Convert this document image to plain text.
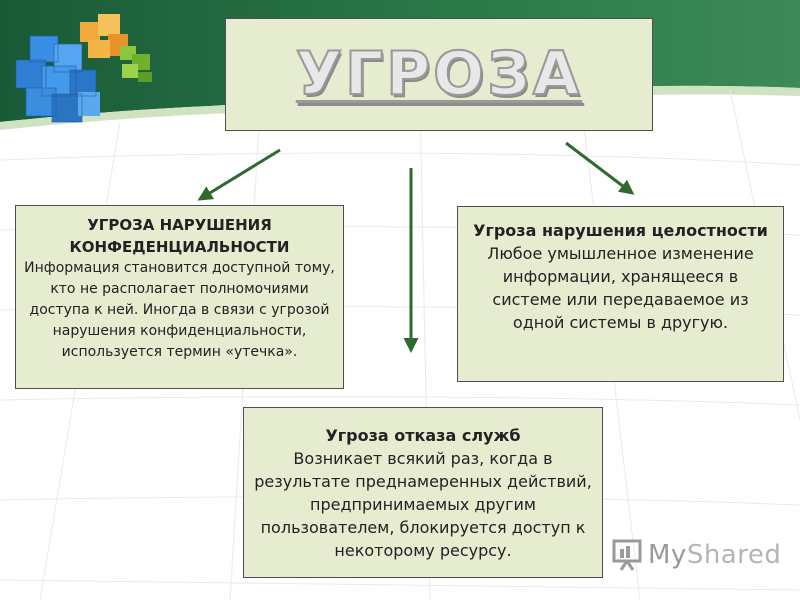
УГРОЗА
УГРОЗА НАРУШЕНИЯ КОНФЕДЕНЦИАЛЬНОСТИ
Информация становится доступной тому, кто не располагает полномочиями доступа к ней. Иногда в связи с угрозой нарушения конфиденциальности, используется термин «утечка».
Угроза нарушения целостности
Любое умышленное изменение информации, хранящееся в системе или передаваемое из одной системы в другую.
Угроза отказа служб
Возникает всякий раз, когда в результате преднамеренных действий, предпринимаемых другим пользователем, блокируется доступ к некоторому ресурсу.	MyShared
